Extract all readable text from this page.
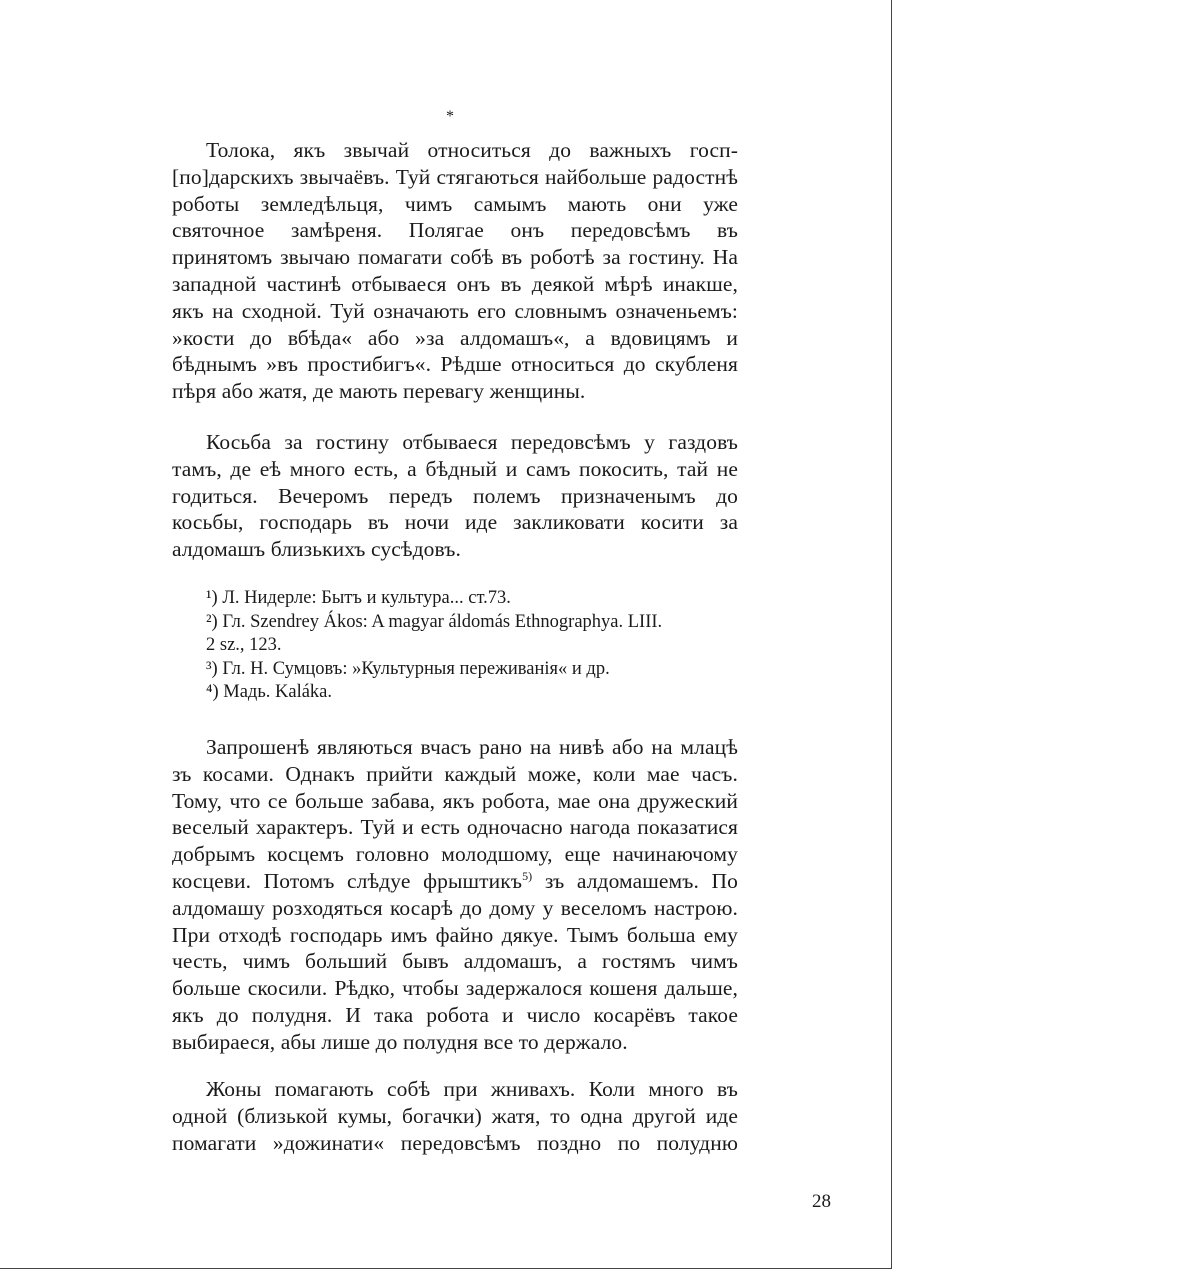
*

Толока, якъ звычай относиться до важныхъ госп-[по]дарскихъ звычаёвъ. Туй стягаються найбольше радостнѣ роботы земледѣльця, чимъ самымъ мають они уже святочное замѣреня. Полягае онъ передовсѣмъ въ принятомъ звычаю помагати собѣ въ роботѣ за гостину. На западной частинѣ отбываеся онъ въ деякой мѣрѣ инакше, якъ на сходной. Туй означають его словнымъ означеньемъ: »кости до вбѣда« або »за алдомашъ«, а вдовицямъ и бѣднымъ »въ простибигъ«. Рѣдше относиться до скубленя пѣря або жатя, де мають перевагу женщины.

Косьба за гостину отбываеся передовсѣмъ у газдовъ тамъ, де еѣ много есть, а бѣдный и самъ покосить, тай не годиться. Вечеромъ передъ полемъ призначенымъ до косьбы, господарь въ ночи иде закликовати косити за алдомашъ близькихъ сусѣдовъ.

¹) Л. Нидерле: Бытъ и культура... ст.73.

²) Гл. Szendrey Ákos: A magyar áldomás Ethnographya. LIII.

2 sz., 123.

³) Гл. Н. Сумцовъ: »Культурныя переживанія« и др.

⁴) Мадь. Kaláka.

Запрошенѣ являються вчасъ рано на нивѣ або на млацѣ зъ косами. Однакъ прийти каждый може, коли мае часъ. Тому, что се больше забава, якъ робота, мае она дружеский веселый характеръ. Туй и есть одночасно нагода показатися добрымъ косцемъ головно молодшому, еще начинаючому косцеви. Потомъ слѣдуе фрыштикъ$^{5)}$ зъ алдомашемъ. По алдомашу розходяться косарѣ до дому у веселомъ настрою. При отходѣ господарь имъ файно дякуе. Тымъ больша ему честь, чимъ больший бывъ алдомашъ, а гостямъ чимъ больше скосили. Рѣдко, чтобы задержалося кошеня дальше, якъ до полудня. И така робота и число косарёвъ такое выбираеся, абы лише до полудня все то держало.

Жоны помагають собѣ при жнивахъ. Коли много въ одной (близькой кумы, богачки) жатя, то одна другой иде помагати »дожинати« передовсѣмъ поздно по полудню

28
